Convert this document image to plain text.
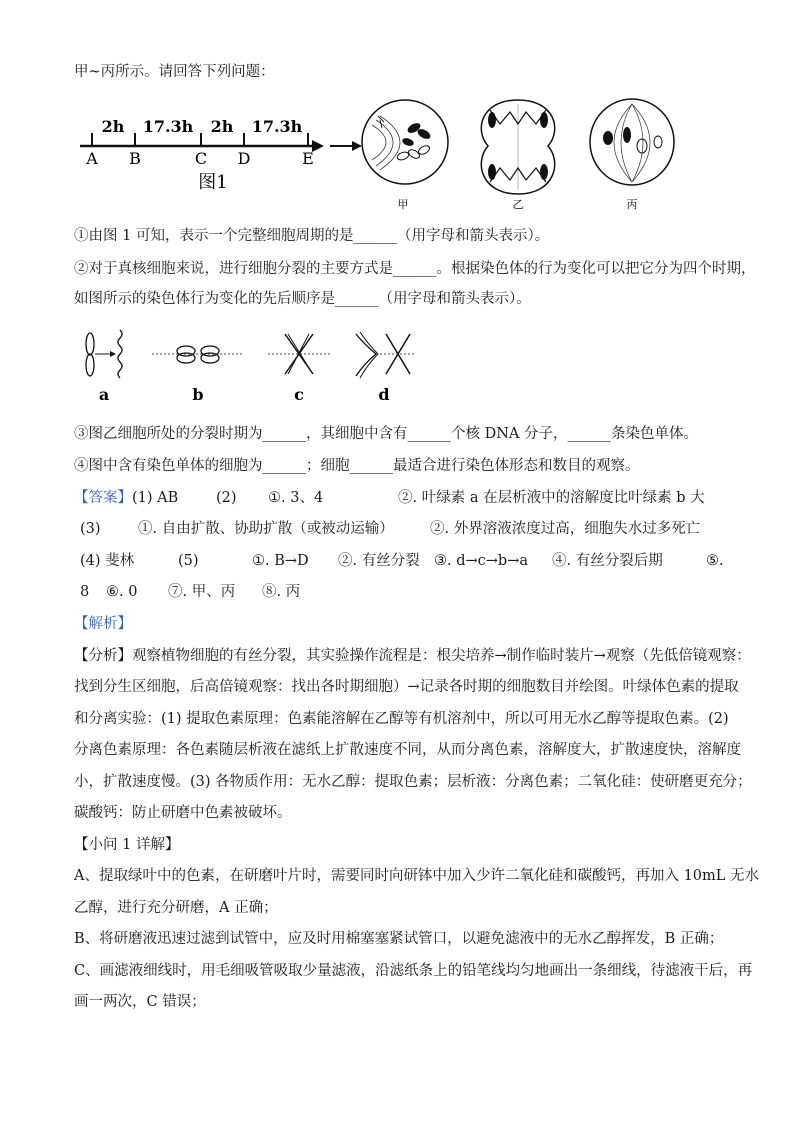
甲~丙所示。请回答下列问题：
2h 17.3h 2h 17.3h
A B	C D	E
图1
甲	乙	丙
①由图 1 可知，表示一个完整细胞周期的是______（用字母和箭头表示）。
②对于真核细胞来说，进行细胞分裂的主要方式是______。根据染色体的行为变化可以把它分为四个时期，
如图所示的染色体行为变化的先后顺序是______（用字母和箭头表示）。
a	b	c	d
③图乙细胞所处的分裂时期为______，其细胞中含有______个核 DNA 分子，______条染色单体。
④图中含有染色单体的细胞为______；细胞______最适合进行染色体形态和数目的观察。
【答案】(1) AB	(2) ①. 3、4	②. 叶绿素 a 在层析液中的溶解度比叶绿素 b 大
(3)	①. 自由扩散、协助扩散（或被动运输）	②. 外界溶液浓度过高，细胞失水过多死亡
(4) 斐林	(5)	①. B→D ②. 有丝分裂 ③. d→c→b→a ④. 有丝分裂后期	⑤.
8 ⑥. 0 ⑦. 甲、丙 ⑧. 丙
【解析】
【分析】观察植物细胞的有丝分裂，其实验操作流程是：根尖培养→制作临时装片→观察（先低倍镜观察：
找到分生区细胞，后高倍镜观察：找出各时期细胞）→记录各时期的细胞数目并绘图。叶绿体色素的提取
和分离实验：(1) 提取色素原理：色素能溶解在乙醇等有机溶剂中，所以可用无水乙醇等提取色素。(2)
分离色素原理：各色素随层析液在滤纸上扩散速度不同，从而分离色素，溶解度大，扩散速度快，溶解度
小，扩散速度慢。(3) 各物质作用：无水乙醇：提取色素；层析液：分离色素；二氧化硅：使研磨更充分；
碳酸钙：防止研磨中色素被破坏。
【小问 1 详解】
A、提取绿叶中的色素，在研磨叶片时，需要同时向研钵中加入少许二氧化硅和碳酸钙，再加入 10mL 无水
乙醇，进行充分研磨，A 正确；
B、将研磨液迅速过滤到试管中，应及时用棉塞塞紧试管口，以避免滤液中的无水乙醇挥发，B 正确；
C、画滤液细线时，用毛细吸管吸取少量滤液，沿滤纸条上的铅笔线均匀地画出一条细线，待滤液干后，再
画一两次，C 错误；
